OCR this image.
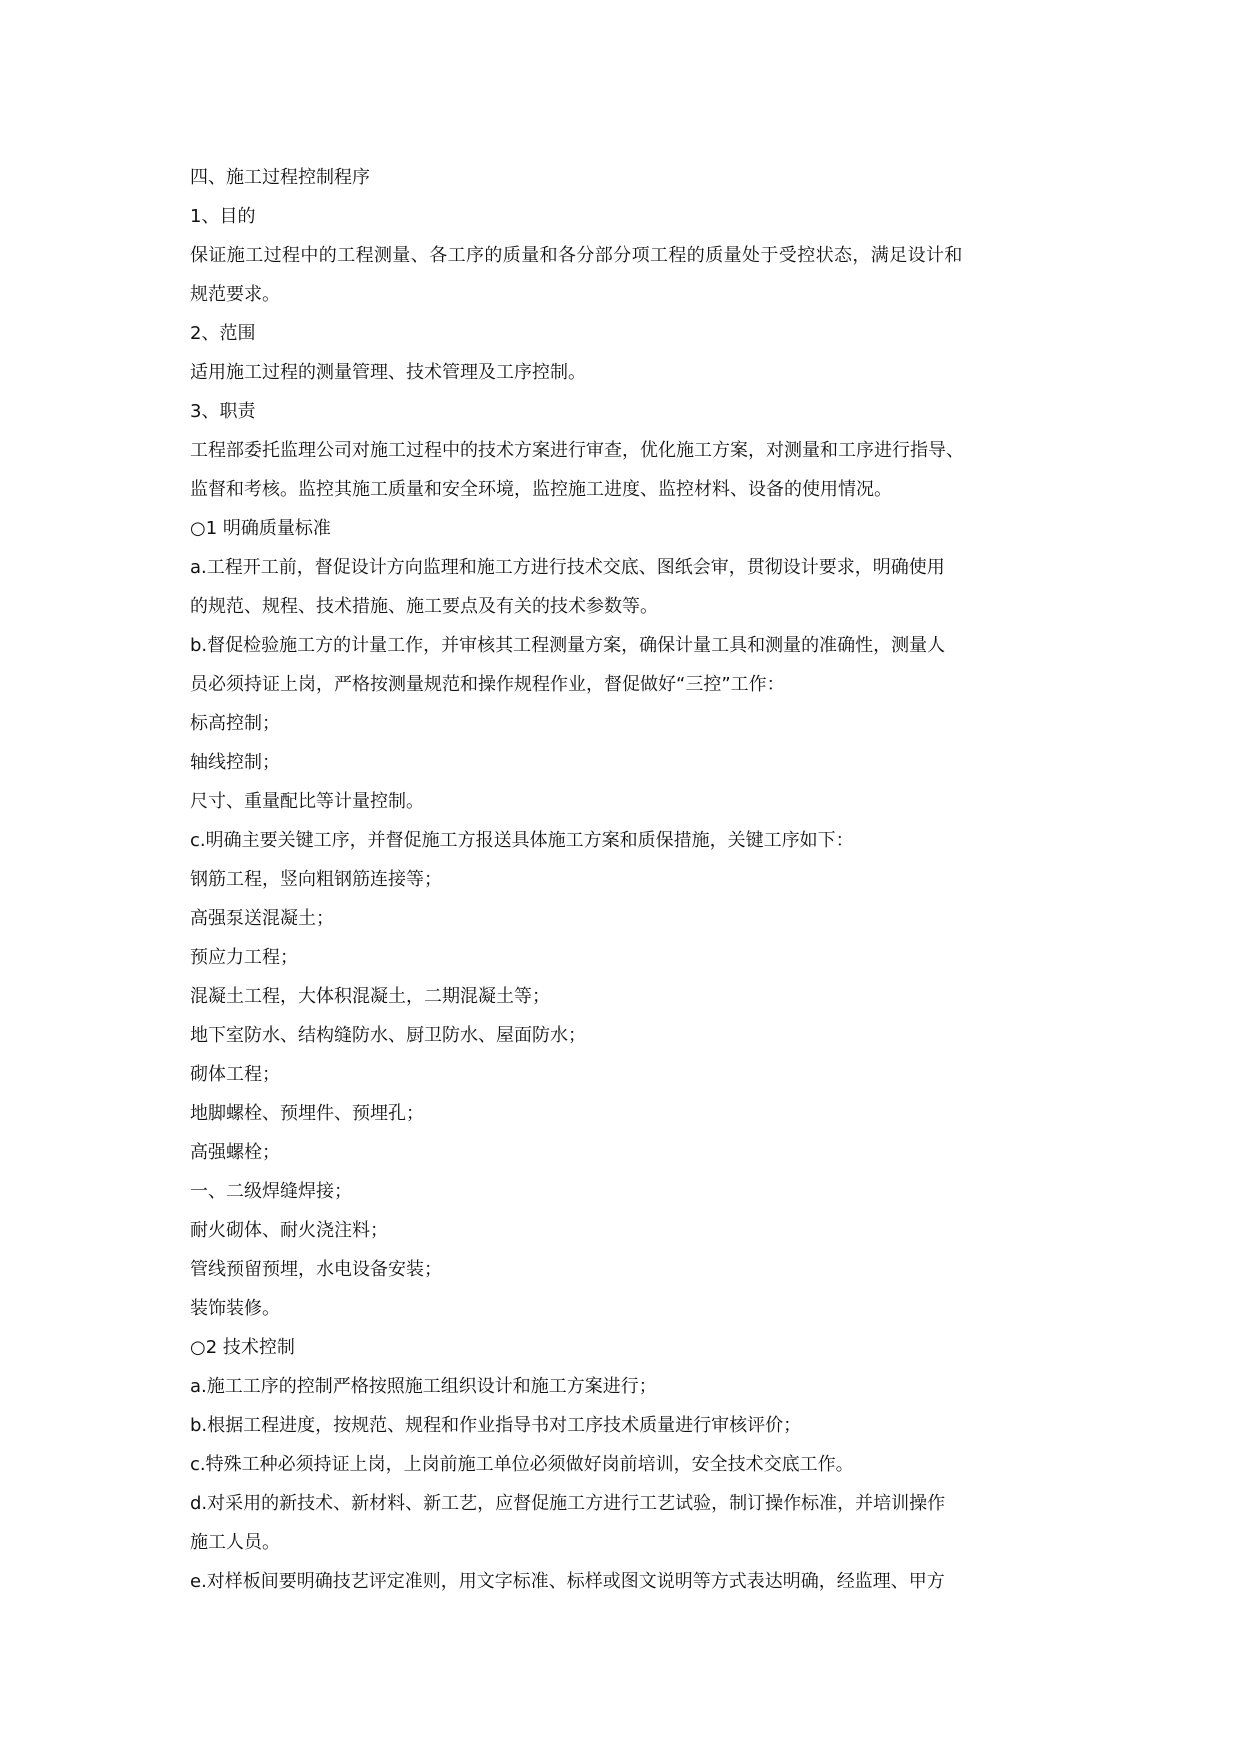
四、施工过程控制程序
1、目的
保证施工过程中的工程测量、各工序的质量和各分部分项工程的质量处于受控状态，满足设计和
规范要求。
2、范围
适用施工过程的测量管理、技术管理及工序控制。
3、职责
工程部委托监理公司对施工过程中的技术方案进行审查，优化施工方案，对测量和工序进行指导、
监督和考核。监控其施工质量和安全环境，监控施工进度、监控材料、设备的使用情况。
○1 明确质量标准
a.工程开工前，督促设计方向监理和施工方进行技术交底、图纸会审，贯彻设计要求，明确使用
的规范、规程、技术措施、施工要点及有关的技术参数等。
b.督促检验施工方的计量工作，并审核其工程测量方案，确保计量工具和测量的准确性，测量人
员必须持证上岗，严格按测量规范和操作规程作业，督促做好“三控”工作：
标高控制；
轴线控制；
尺寸、重量配比等计量控制。
c.明确主要关键工序，并督促施工方报送具体施工方案和质保措施，关键工序如下：
钢筋工程，竖向粗钢筋连接等；
高强泵送混凝土；
预应力工程；
混凝土工程，大体积混凝土，二期混凝土等；
地下室防水、结构缝防水、厨卫防水、屋面防水；
砌体工程；
地脚螺栓、预埋件、预埋孔；
高强螺栓；
一、二级焊缝焊接；
耐火砌体、耐火浇注料；
管线预留预埋，水电设备安装；
装饰装修。
○2 技术控制
a.施工工序的控制严格按照施工组织设计和施工方案进行；
b.根据工程进度，按规范、规程和作业指导书对工序技术质量进行审核评价；
c.特殊工种必须持证上岗，上岗前施工单位必须做好岗前培训，安全技术交底工作。
d.对采用的新技术、新材料、新工艺，应督促施工方进行工艺试验，制订操作标准，并培训操作
施工人员。
e.对样板间要明确技艺评定准则，用文字标准、标样或图文说明等方式表达明确，经监理、甲方
